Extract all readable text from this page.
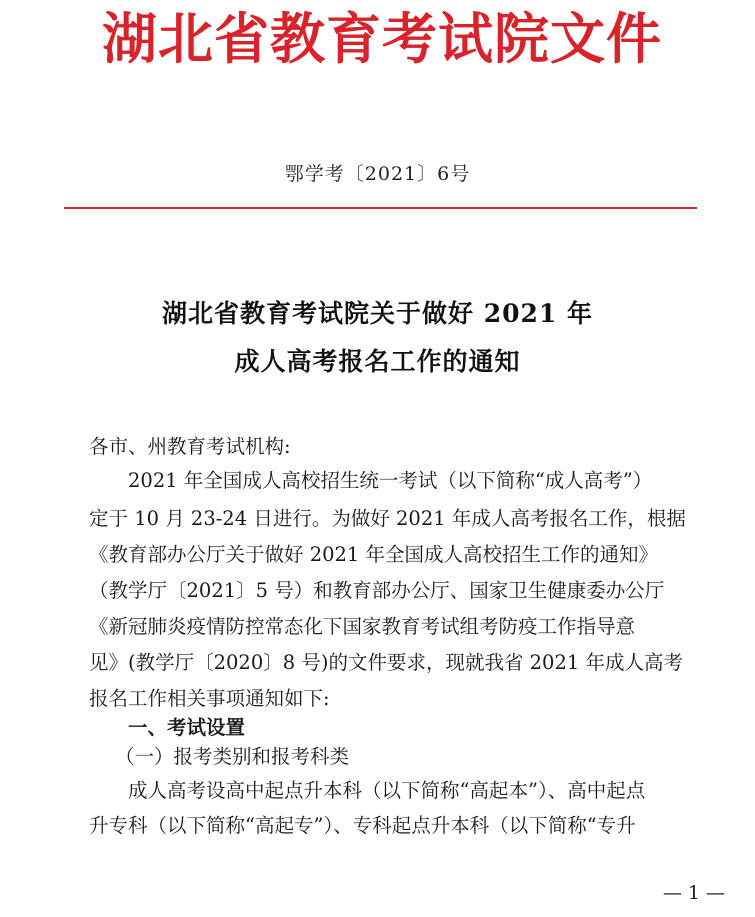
湖北省教育考试院文件
鄂学考〔2021〕6号
湖北省教育考试院关于做好 2021 年
成人高考报名工作的通知
各市、州教育考试机构:
2021 年全国成人高校招生统一考试（以下简称“成人高考”）
定于 10 月 23-24 日进行。为做好 2021 年成人高考报名工作，根据
《教育部办公厅关于做好 2021 年全国成人高校招生工作的通知》
（教学厅〔2021〕5 号）和教育部办公厅、国家卫生健康委办公厅
《新冠肺炎疫情防控常态化下国家教育考试组考防疫工作指导意
见》(教学厅〔2020〕8 号)的文件要求，现就我省 2021 年成人高考
报名工作相关事项通知如下:
一、考试设置
（一）报考类别和报考科类
成人高考设高中起点升本科（以下简称“高起本”）、高中起点
升专科（以下简称“高起专”）、专科起点升本科（以下简称“专升
— 1 —
